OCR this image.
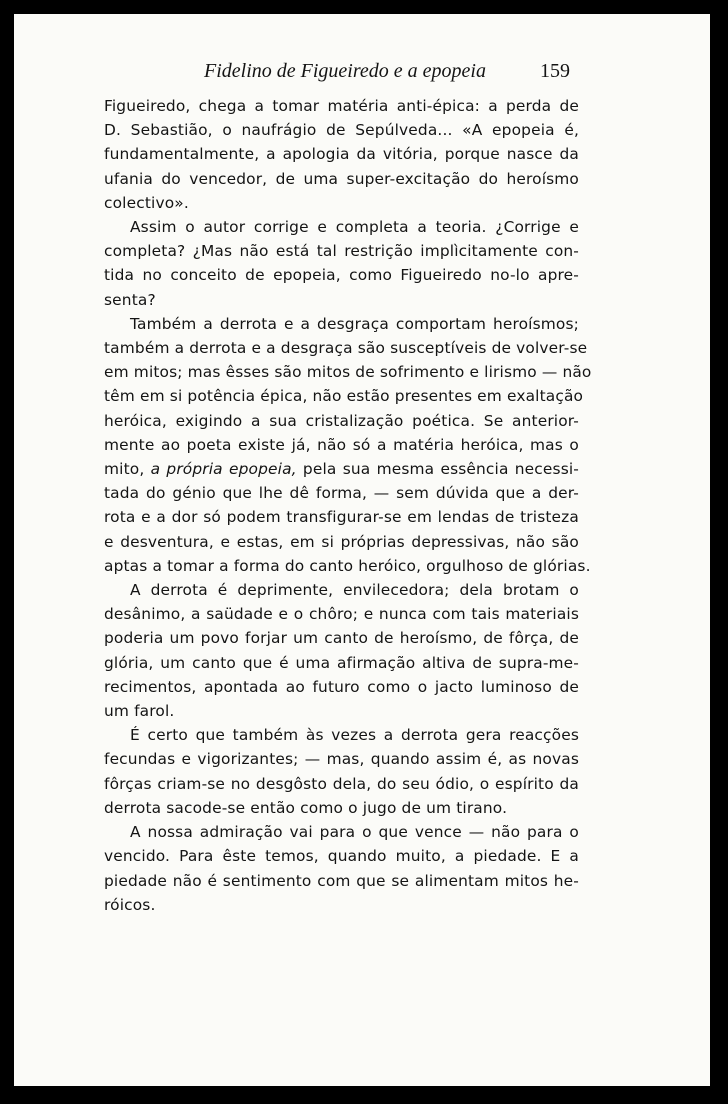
Fidelino de Figueiredo e a epopeia	159

Figueiredo, chega a tomar matéria anti-épica: a perda de
D. Sebastião, o naufrágio de Sepúlveda... «A epopeia é,
fundamentalmente, a apologia da vitória, porque nasce da
ufania do vencedor, de uma super-excitação do heroísmo
colectivo».

Assim o autor corrige e completa a teoria. ¿Corrige e
completa? ¿Mas não está tal restrição implìcitamente con-
tida no conceito de epopeia, como Figueiredo no-lo apre-
senta?

Também a derrota e a desgraça comportam heroísmos;
também a derrota e a desgraça são susceptíveis de volver-se
em mitos; mas êsses são mitos de sofrimento e lirismo — não
têm em si potência épica, não estão presentes em exaltação
heróica, exigindo a sua cristalização poética. Se anterior-
mente ao poeta existe já, não só a matéria heróica, mas o
mito, a própria epopeia, pela sua mesma essência necessi-
tada do génio que lhe dê forma, — sem dúvida que a der-
rota e a dor só podem transfigurar-se em lendas de tristeza
e desventura, e estas, em si próprias depressivas, não são
aptas a tomar a forma do canto heróico, orgulhoso de glórias.

A derrota é deprimente, envilecedora; dela brotam o
desânimo, a saüdade e o chôro; e nunca com tais materiais
poderia um povo forjar um canto de heroísmo, de fôrça, de
glória, um canto que é uma afirmação altiva de supra-me-
recimentos, apontada ao futuro como o jacto luminoso de
um farol.

É certo que também às vezes a derrota gera reacções
fecundas e vigorizantes; — mas, quando assim é, as novas
fôrças criam-se no desgôsto dela, do seu ódio, o espírito da
derrota sacode-se então como o jugo de um tirano.

A nossa admiração vai para o que vence — não para o
vencido. Para êste temos, quando muito, a piedade. E a
piedade não é sentimento com que se alimentam mitos he-
róicos.
